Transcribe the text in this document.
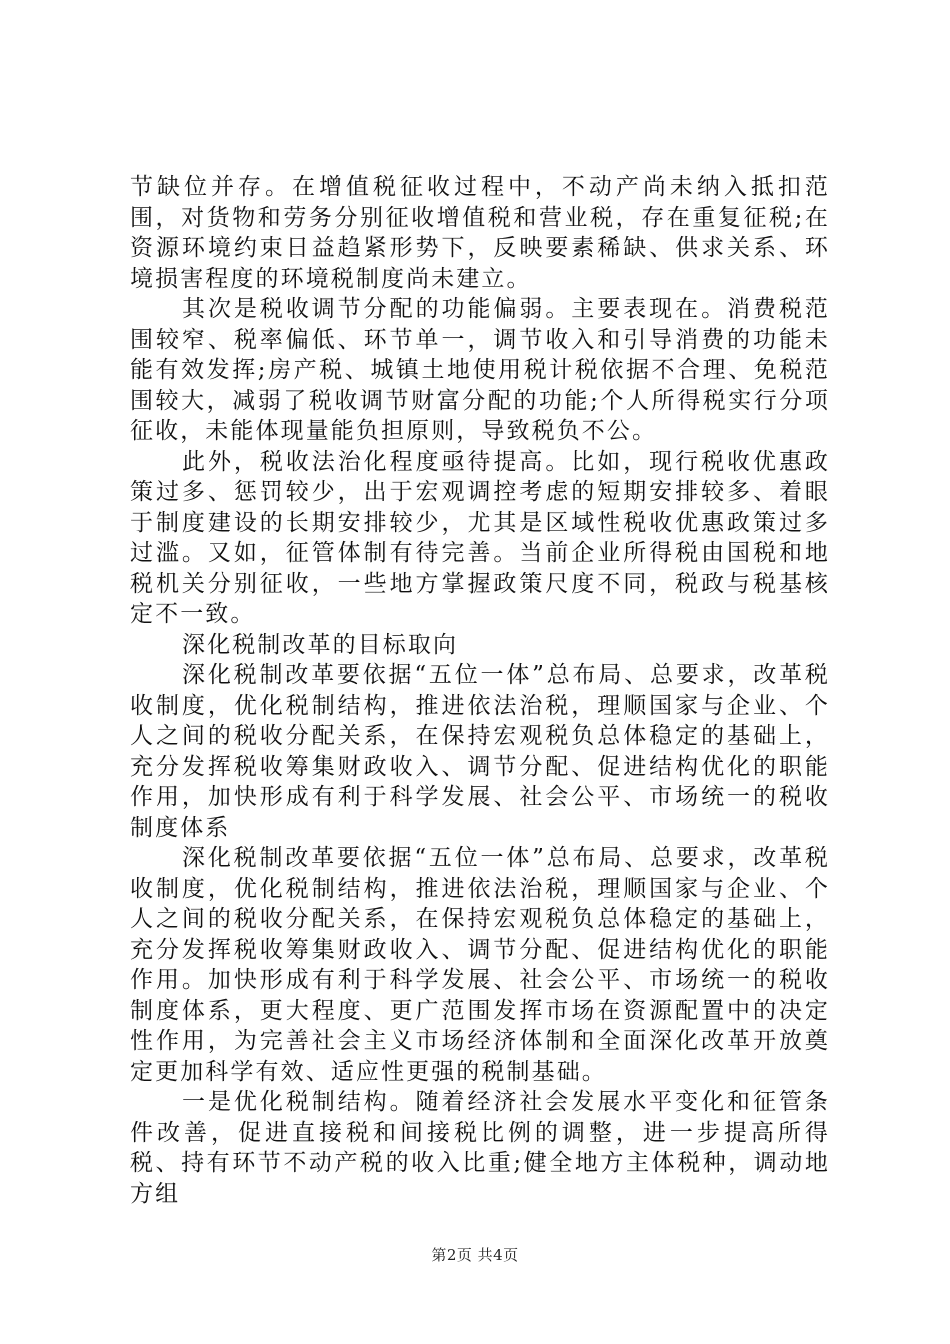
节缺位并存。在增值税征收过程中，不动产尚未纳入抵扣范围，对货物和劳务分别征收增值税和营业税，存在重复征税;在资源环境约束日益趋紧形势下，反映要素稀缺、供求关系、环境损害程度的环境税制度尚未建立。

其次是税收调节分配的功能偏弱。主要表现在。消费税范围较窄、税率偏低、环节单一，调节收入和引导消费的功能未能有效发挥;房产税、城镇土地使用税计税依据不合理、免税范围较大，减弱了税收调节财富分配的功能;个人所得税实行分项征收，未能体现量能负担原则，导致税负不公。

此外，税收法治化程度亟待提高。比如，现行税收优惠政策过多、惩罚较少，出于宏观调控考虑的短期安排较多、着眼于制度建设的长期安排较少，尤其是区域性税收优惠政策过多过滥。又如，征管体制有待完善。当前企业所得税由国税和地税机关分别征收，一些地方掌握政策尺度不同，税政与税基核定不一致。

深化税制改革的目标取向

深化税制改革要依据“五位一体”总布局、总要求，改革税收制度，优化税制结构，推进依法治税，理顺国家与企业、个人之间的税收分配关系，在保持宏观税负总体稳定的基础上，充分发挥税收筹集财政收入、调节分配、促进结构优化的职能作用，加快形成有利于科学发展、社会公平、市场统一的税收制度体系

深化税制改革要依据“五位一体”总布局、总要求，改革税收制度，优化税制结构，推进依法治税，理顺国家与企业、个人之间的税收分配关系，在保持宏观税负总体稳定的基础上，充分发挥税收筹集财政收入、调节分配、促进结构优化的职能作用。加快形成有利于科学发展、社会公平、市场统一的税收制度体系，更大程度、更广范围发挥市场在资源配置中的决定性作用，为完善社会主义市场经济体制和全面深化改革开放奠定更加科学有效、适应性更强的税制基础。

一是优化税制结构。随着经济社会发展水平变化和征管条件改善，促进直接税和间接税比例的调整，进一步提高所得税、持有环节不动产税的收入比重;健全地方主体税种，调动地方组

第2页 共4页
